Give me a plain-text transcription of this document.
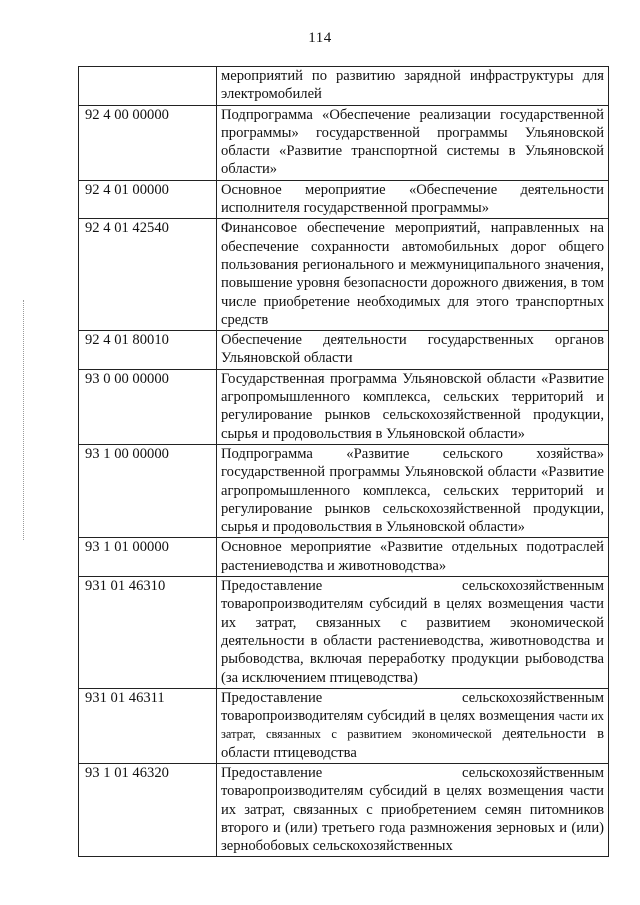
114
	мероприятий по развитию зарядной инфраструктуры для электромобилей
92 4 00 00000	Подпрограмма «Обеспечение реализации государственной программы» государственной программы Ульяновской области «Развитие транспортной системы в Ульяновской области»
92 4 01 00000	Основное мероприятие «Обеспечение деятельности исполнителя государственной программы»
92 4 01 42540	Финансовое обеспечение мероприятий, направленных на обеспечение сохранности автомобильных дорог общего пользования регионального и межмуниципального значения, повышение уровня безопасности дорожного движения, в том числе приобретение необходимых для этого транспортных средств
92 4 01 80010	Обеспечение деятельности государственных органов Ульяновской области
93 0 00 00000	Государственная программа Ульяновской области «Развитие агропромышленного комплекса, сельских территорий и регулирование рынков сельскохозяйственной продукции, сырья и продовольствия в Ульяновской области»
93 1 00 00000	Подпрограмма «Развитие сельского хозяйства» государственной программы Ульяновской области «Развитие агропромышленного комплекса, сельских территорий и регулирование рынков сельскохозяйственной продукции, сырья и продовольствия в Ульяновской области»
93 1 01 00000	Основное мероприятие «Развитие отдельных подотраслей растениеводства и животноводства»
931 01 46310	Предоставление сельскохозяйственным товаропроизводителям субсидий в целях возмещения части их затрат, связанных с развитием экономической деятельности в области растениеводства, животноводства и рыбоводства, включая переработку продукции рыбоводства (за исключением птицеводства)
931 01 46311	Предоставление сельскохозяйственным товаропроизводителям субсидий в целях возмещения части их затрат, связанных с развитием экономической деятельности в области птицеводства
93 1 01 46320	Предоставление сельскохозяйственным товаропроизводителям субсидий в целях возмещения части их затрат, связанных с приобретением семян питомников второго и (или) третьего года размножения зерновых и (или) зернобобовых сельскохозяйственных
